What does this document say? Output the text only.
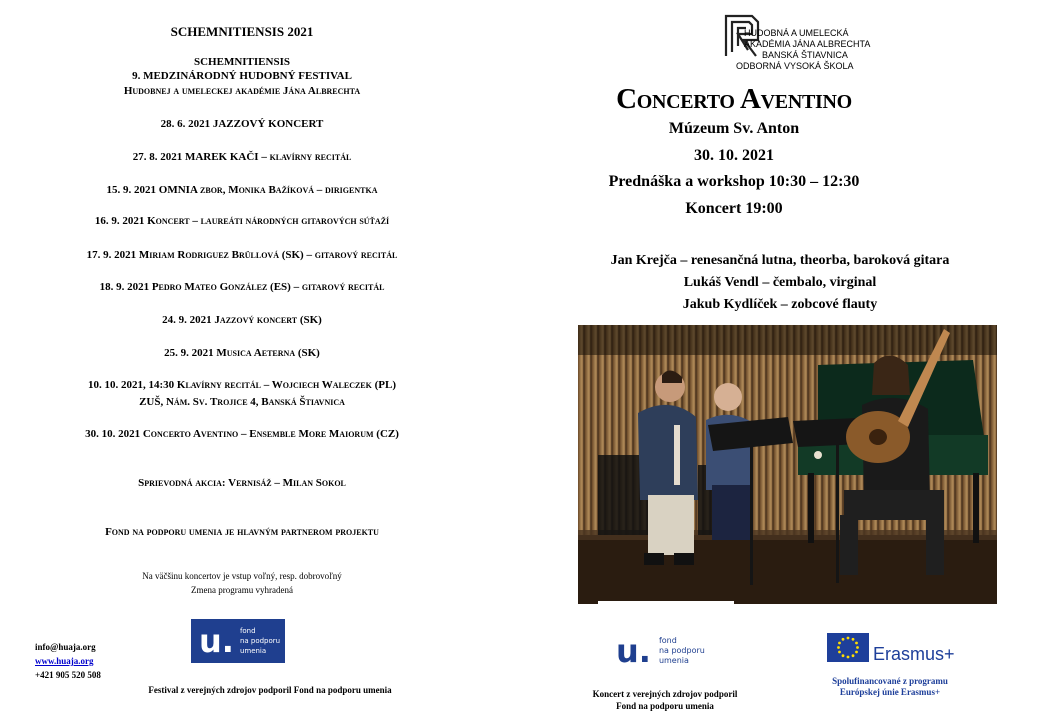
SCHEMNITIENSIS 2021
SCHEMNITIENSIS
9. MEDZINÁRODNÝ HUDOBNÝ FESTIVAL
Hudobnej a umeleckej akadémie Jána Albrechta
28. 6. 2021 JAZZOVÝ KONCERT
27. 8. 2021 MAREK KAČI – klavírny recitál
15. 9. 2021 OMNIA zbor, Monika Bažíková – dirigentka
16. 9. 2021 Koncert – laureáti národných gitarových súťaží
17. 9. 2021 Miriam Rodriguez Brüllová (SK) – gitarový recitál
18. 9. 2021 Pedro Mateo González (ES) – gitarový recitál
24. 9. 2021 Jazzový koncert (SK)
25. 9. 2021 Musica Aeterna (SK)
10. 10. 2021, 14:30 Klavírny recitál – Wojciech Waleczek (PL)
ZUŠ, Nám. Sv. Trojice 4, Banská Štiavnica
30. 10. 2021 Concerto Aventino – Ensemble More Maiorum (CZ)
Sprievodná akcia: Vernisáž – Milan Sokol
Fond na podporu umenia je hlavným partnerom projektu
Na väčšinu koncertov je vstup voľný, resp. dobrovoľný
Zmena programu vyhradená
info@huaja.org
www.huaja.org
+421 905 520 508
u. fond
na podporu
umenia
Festival z verejných zdrojov podporil Fond na podporu umenia
HUDOBNÁ A UMELECKÁ
AKADÉMIA JÁNA ALBRECHTA
BANSKÁ ŠTIAVNICA
ODBORNÁ VYSOKÁ ŠKOLA
Concerto Aventino
Múzeum Sv. Anton
30. 10. 2021
Prednáška a workshop 10:30 – 12:30
Koncert 19:00
Jan Krejča – renesančná lutna, theorba, baroková gitara
Lukáš Vendl – čembalo, virginal
Jakub Kydlíček – zobcové flauty
u. fond
na podporu
umenia
Koncert z verejných zdrojov podporil
Fond na podporu umenia
Erasmus+
Spolufinancované z programu
Európskej únie Erasmus+
